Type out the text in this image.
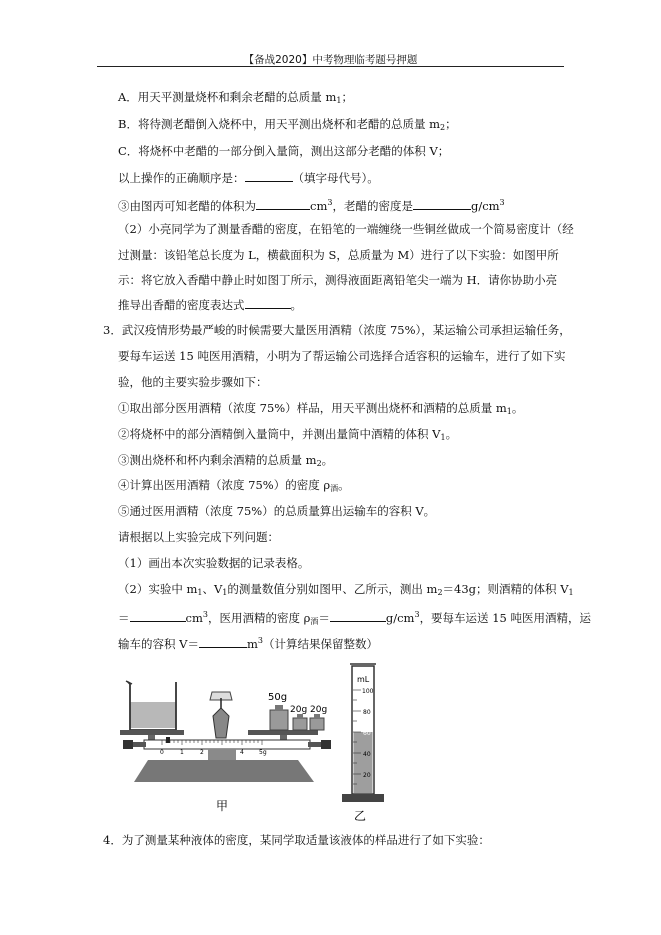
【备战2020】中考物理临考题号押题
A．用天平测量烧杯和剩余老醋的总质量 $m_1$；
B．将待测老醋倒入烧杯中，用天平测出烧杯和老醋的总质量 $m_2$；
C．将烧杯中老醋的一部分倒入量筒，测出这部分老醋的体积 V；
以上操作的正确顺序是：	（填字母代号）。
③由图丙可知老醋的体积为	$cm^3$，老醋的密度是	$g/cm^3$
（2）小亮同学为了测量香醋的密度，在铅笔的一端缠绕一些铜丝做成一个简易密度计（经
过测量：该铅笔总长度为 L，横截面积为 S，总质量为 M）进行了以下实验：如图甲所
示：将它放入香醋中静止时如图丁所示，测得液面距离铅笔尖一端为 H．请你协助小亮
推导出香醋的密度表达式	。
3．武汉疫情形势最严峻的时候需要大量医用酒精（浓度 75%），某运输公司承担运输任务，
要每车运送 15 吨医用酒精，小明为了帮运输公司选择合适容积的运输车，进行了如下实
验，他的主要实验步骤如下：
①取出部分医用酒精（浓度 75%）样品，用天平测出烧杯和酒精的总质量 $m_1$。
②将烧杯中的部分酒精倒入量筒中，并测出量筒中酒精的体积 $V_1$。
③测出烧杯和杯内剩余酒精的总质量 $m_2$。
④计算出医用酒精（浓度 75%）的密度 $\rho_酒$。
⑤通过医用酒精（浓度 75%）的总质量算出运输车的容积 V。
请根据以上实验完成下列问题：
（1）画出本次实验数据的记录表格。
（2）实验中 $m_1$、$V_1$的测量数值分别如图甲、乙所示，测出 $m_2=43g$；则酒精的体积 $V_1$
＝	$cm^3$，医用酒精的密度 $\rho_酒=$	$g/cm^3$，要每车运送 15 吨医用酒精，运
输车的容积 V＝	$m^3$（计算结果保留整数）
50g
20g 20g
0	1	2	4	5g
甲
mL
100
80
60
40
20
乙
4．为了测量某种液体的密度，某同学取适量该液体的样品进行了如下实验：
